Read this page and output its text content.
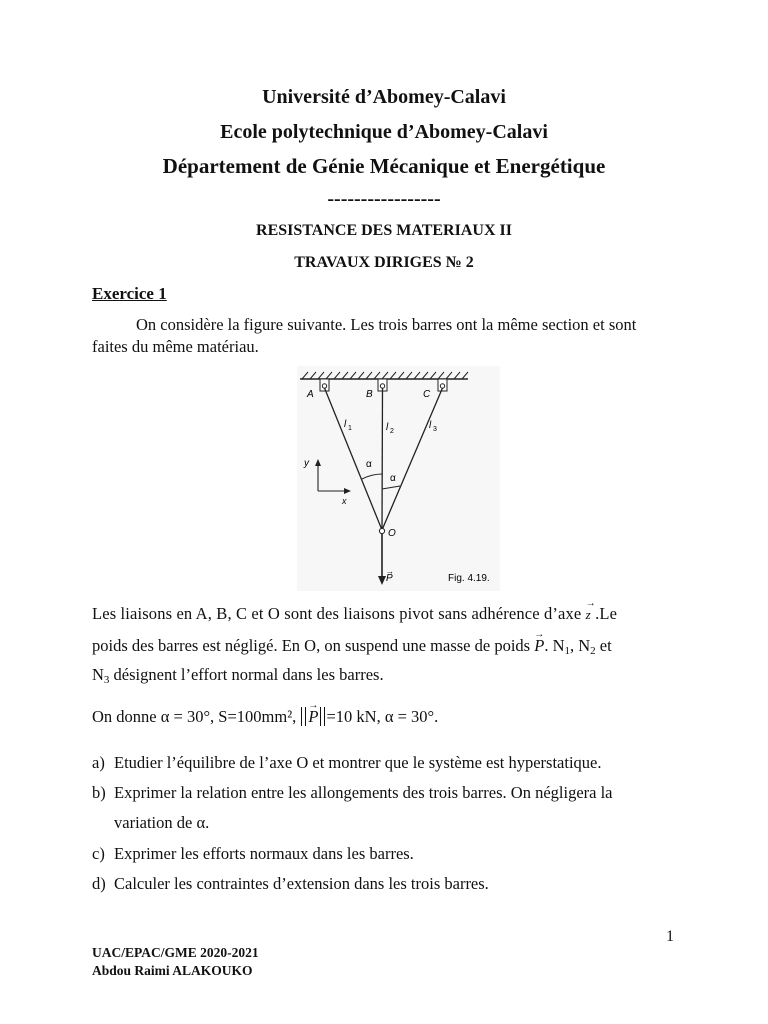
Université d’Abomey-Calavi
Ecole polytechnique d’Abomey-Calavi
Département de Génie Mécanique et Energétique
-----------------
RESISTANCE DES MATERIAUX II
TRAVAUX DIRIGES № 2
Exercice 1
On considère la figure suivante. Les trois barres ont la même section et sont
faites du même matériau.
A	B	C
O
l 1	l 2
l 3
α
α
y
x
P
→
Fig. 4.19.
Les liaisons en A, B, C et O sont des liaisons pivot sans adhérence d’axe → z .Le
poids des barres est négligé. En O, on suspend une masse de poids → P. $N_1$, $N_2$ et
$N_3$ désignent l’effort normal dans les barres.
On donne α = 30°, S=100mm², → P =10 kN, α = 30°.
a) Etudier l’équilibre de l’axe O et montrer que le système est hyperstatique.
b) Exprimer la relation entre les allongements des trois barres. On négligera la
variation de α.
c) Exprimer les efforts normaux dans les barres.
d) Calculer les contraintes d’extension dans les trois barres.
1
UAC/EPAC/GME 2020-2021
Abdou Raimi ALAKOUKO
